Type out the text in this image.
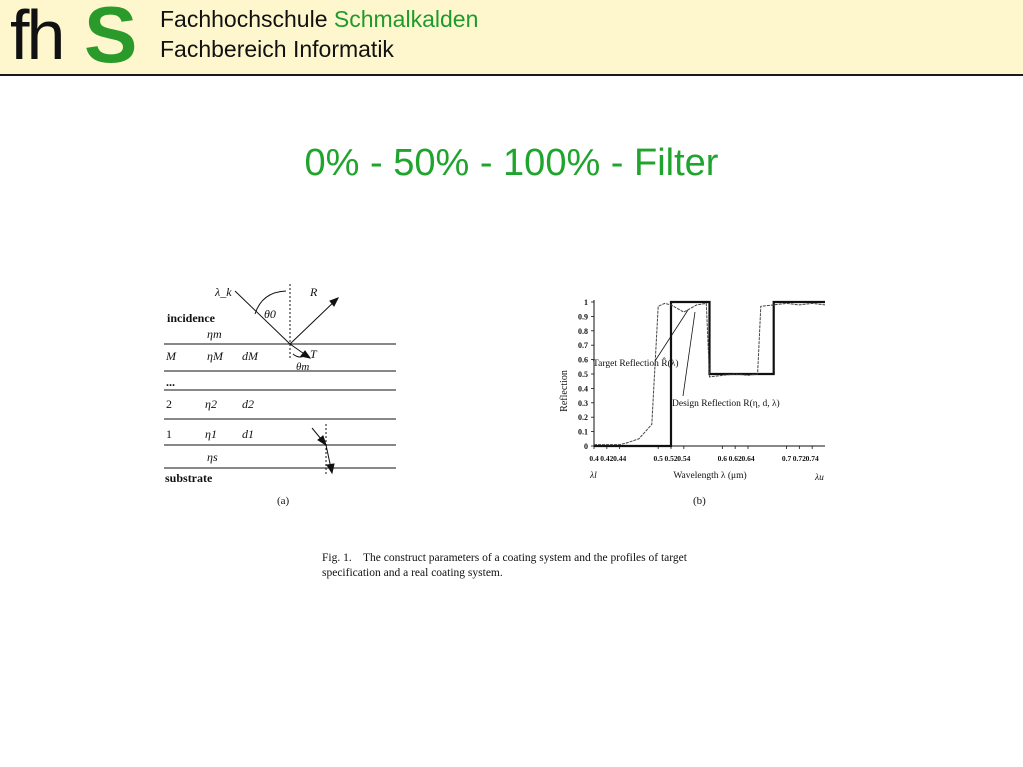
fh S Fachhochschule Schmalkalden
Fachbereich Informatik
0% - 50% - 100% - Filter
λ_k
θ0
R
T
θm
incidence
ηm
M	ηM dM
...
2	η2 d2
1	η1 d1
ηs
substrate
(a)
0
0.1
0.2
0.3
0.4
0.5
0.6
0.7
0.8
0.9
1
0.4 0.42 0.44	0.5 0.52 0.54	0.6 0.62 0.64	0.7 0.72 0.74
Reflection
Wavelength λ (μm)
Target Reflection R̂(λ)
Design Reflection R(η, d, λ)
λl	λu
(b)
Fig. 1.    The construct parameters of a coating system and the profiles of target
specification and a real coating system.
